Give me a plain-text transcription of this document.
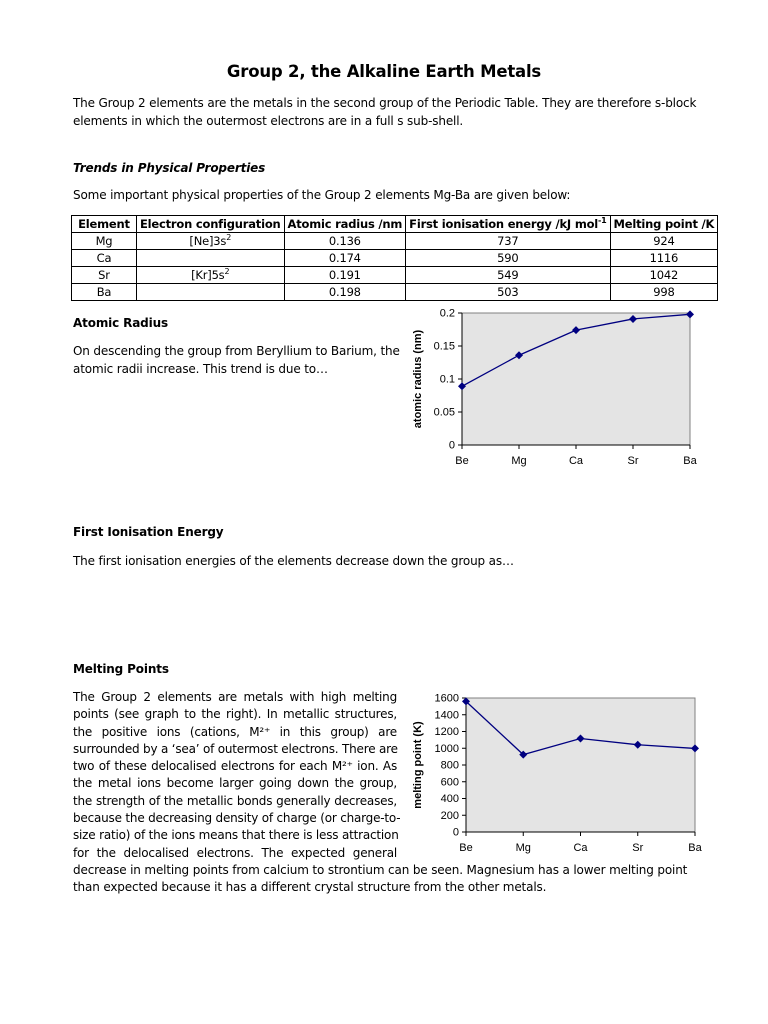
Group 2, the Alkaline Earth Metals
The Group 2 elements are the metals in the second group of the Periodic Table. They are therefore s-block elements in which the outermost electrons are in a full s sub-shell.
Trends in Physical Properties
Some important physical properties of the Group 2 elements Mg-Ba are given below:
Element	Electron configuration	Atomic radius /nm	First ionisation energy /kJ mol$^{-1}$	Melting point /K
Mg	$[Ne]3s^2$	0.136	737	924
Ca		0.174	590	1116
Sr	$[Kr]5s^2$	0.191	549	1042
Ba		0.198	503	998
Atomic Radius
On descending the group from Beryllium to Barium, the atomic radii increase. This trend is due to…
0
0.05
0.1
0.15
0.2
Be	Mg	Ca	Sr	Ba
atomic radius (nm)
First Ionisation Energy
The first ionisation energies of the elements decrease down the group as…
Melting Points
The Group 2 elements are metals with high melting
points (see graph to the right). In metallic structures,
the positive ions (cations, M²⁺ in this group) are
surrounded by a ‘sea’ of outermost electrons. There are
two of these delocalised electrons for each M²⁺ ion. As
the metal ions become larger going down the group,
the strength of the metallic bonds generally decreases,
because the decreasing density of charge (or charge-to-
size ratio) of the ions means that there is less attraction
for the delocalised electrons. The expected general
decrease in melting points from calcium to strontium can be seen. Magnesium has a lower melting point
than expected because it has a different crystal structure from the other metals.
0
200
400
600
800
1000
1200
1400
1600
Be	Mg	Ca	Sr	Ba
melting point (K)
